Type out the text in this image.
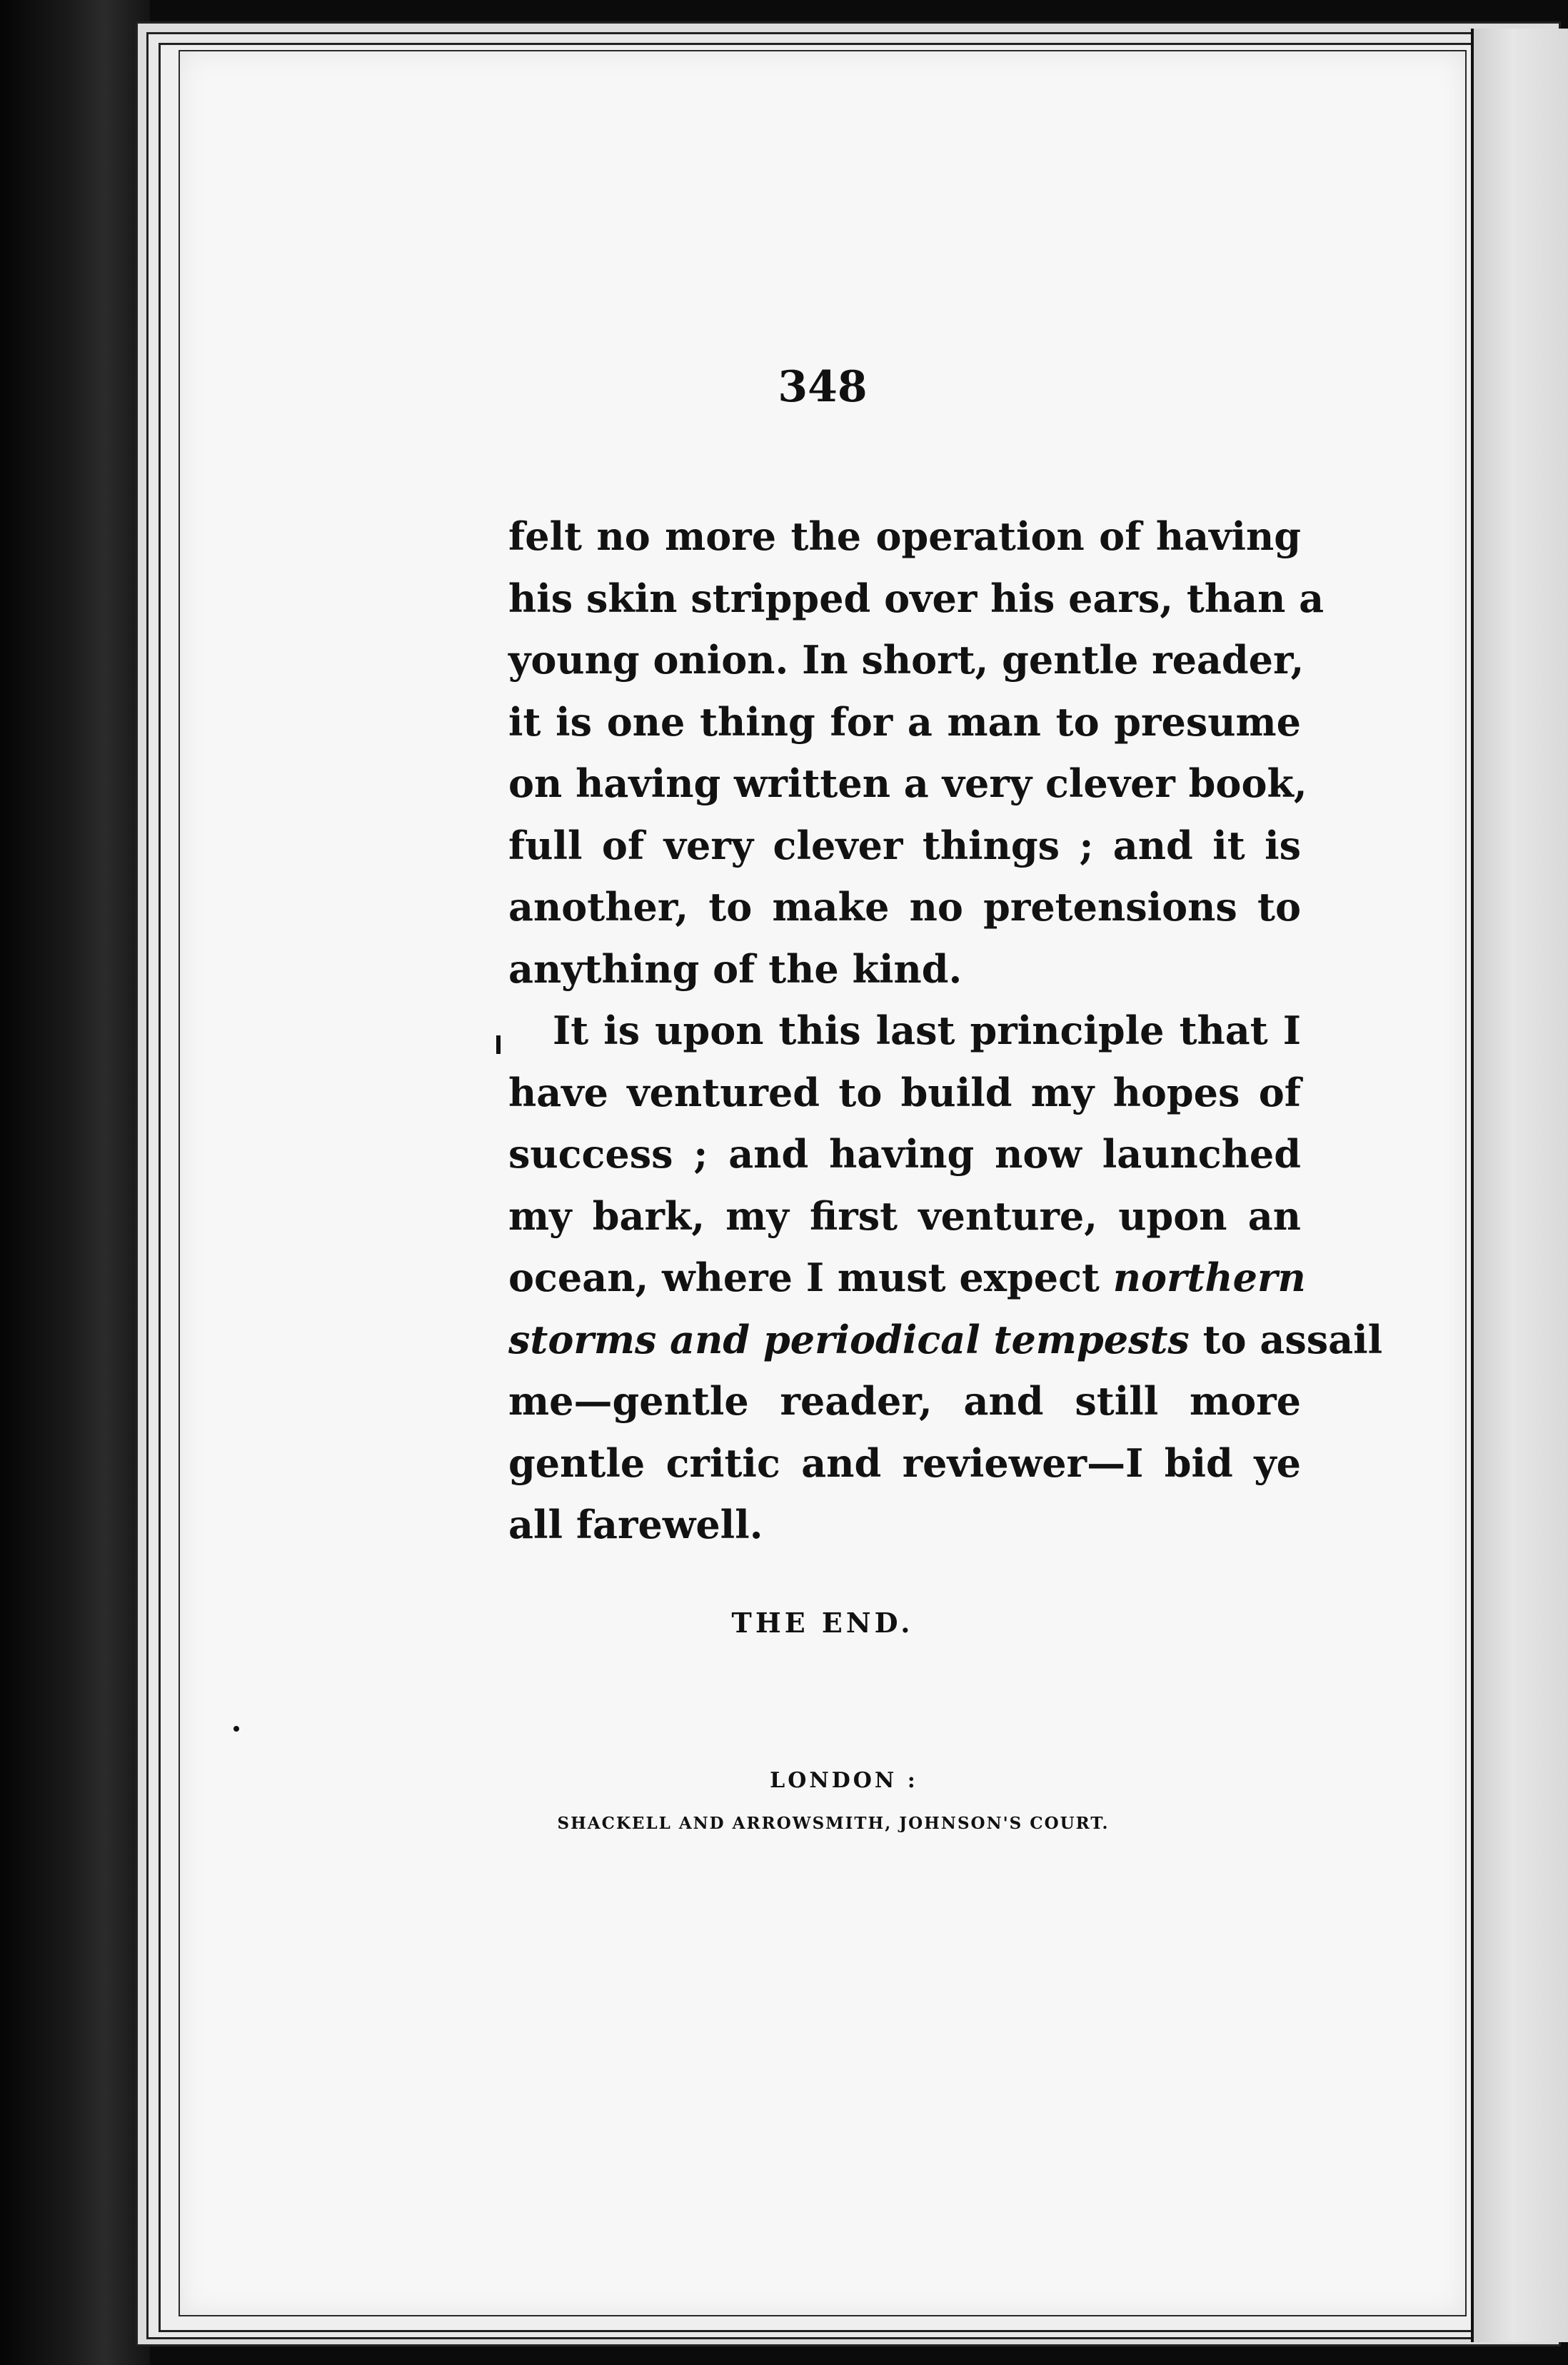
348
felt no more the operation of having
his skin stripped over his ears, than a
young onion. In short, gentle reader,
it is one thing for a man to presume
on having written a very clever book,
full of very clever things ; and it is
another, to make no pretensions to
anything of the kind.
It is upon this last principle that I
have ventured to build my hopes of
success ; and having now launched
my bark, my first venture, upon an
ocean, where I must expect northern
storms and periodical tempests to assail
me—gentle reader, and still more
gentle critic and reviewer—I bid ye
all farewell.
THE END.
LONDON :
SHACKELL AND ARROWSMITH, JOHNSON'S COURT.
